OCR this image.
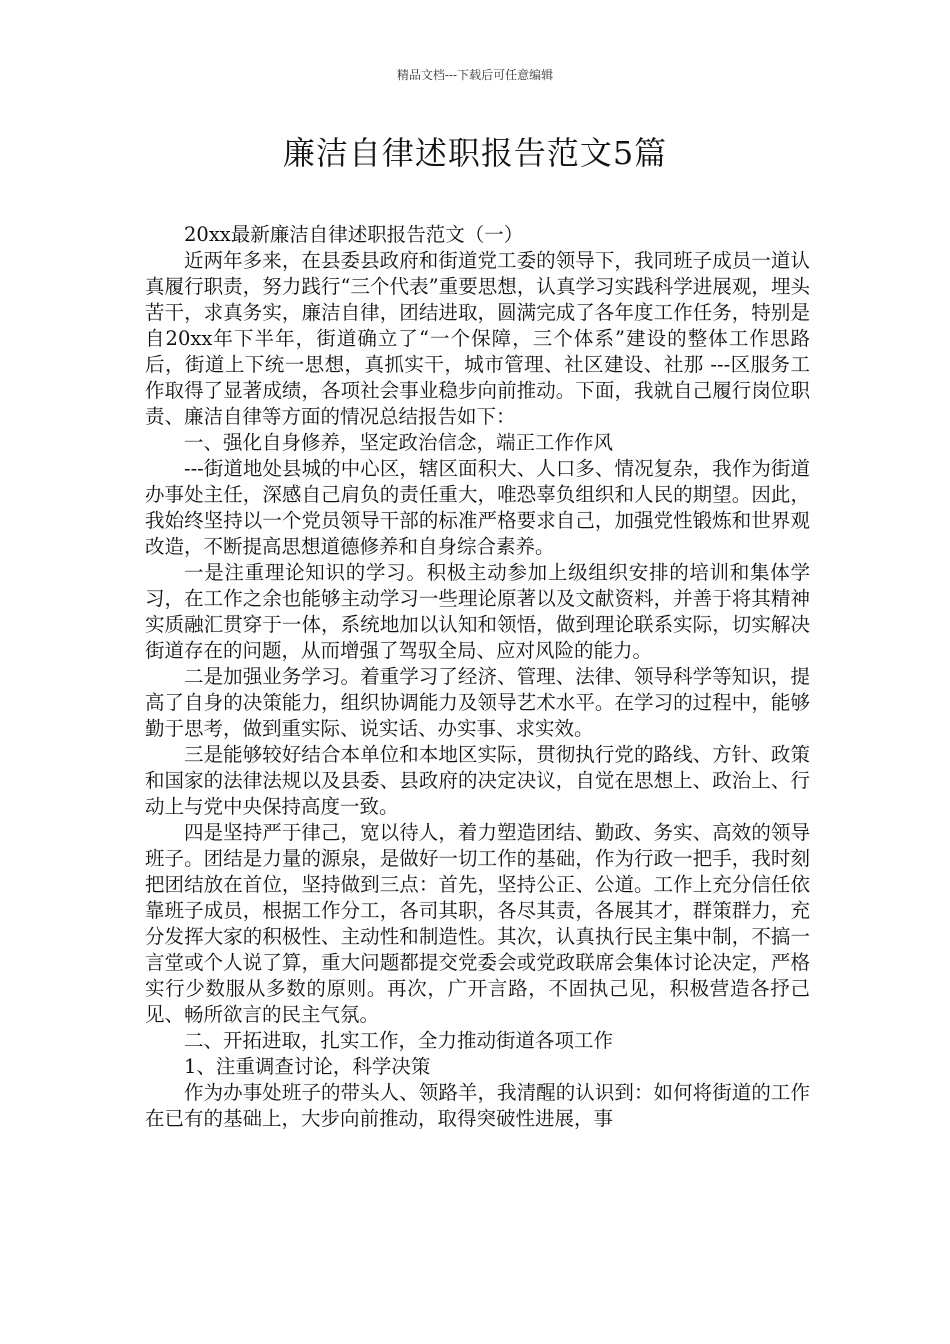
精品文档---下载后可任意编辑
廉洁自律述职报告范文5篇

20xx最新廉洁自律述职报告范文（一）

近两年多来，在县委县政府和街道党工委的领导下，我同班子成员一道认真履行职责，努力践行“三个代表”重要思想，认真学习实践科学进展观，埋头苦干，求真务实，廉洁自律，团结进取，圆满完成了各年度工作任务，特别是自20xx年下半年，街道确立了“一个保障，三个体系”建设的整体工作思路后，街道上下统一思想，真抓实干，城市管理、社区建设、社那 ---区服务工作取得了显著成绩，各项社会事业稳步向前推动。下面，我就自己履行岗位职责、廉洁自律等方面的情况总结报告如下：

一、强化自身修养，坚定政治信念，端正工作作风

---街道地处县城的中心区，辖区面积大、人口多、情况复杂，我作为街道办事处主任，深感自己肩负的责任重大，唯恐辜负组织和人民的期望。因此，我始终坚持以一个党员领导干部的标准严格要求自己，加强党性锻炼和世界观改造，不断提高思想道德修养和自身综合素养。

一是注重理论知识的学习。积极主动参加上级组织安排的培训和集体学习，在工作之余也能够主动学习一些理论原著以及文献资料，并善于将其精神实质融汇贯穿于一体，系统地加以认知和领悟，做到理论联系实际，切实解决街道存在的问题，从而增强了驾驭全局、应对风险的能力。

二是加强业务学习。着重学习了经济、管理、法律、领导科学等知识，提高了自身的决策能力，组织协调能力及领导艺术水平。在学习的过程中，能够勤于思考，做到重实际、说实话、办实事、求实效。

三是能够较好结合本单位和本地区实际，贯彻执行党的路线、方针、政策和国家的法律法规以及县委、县政府的决定决议，自觉在思想上、政治上、行动上与党中央保持高度一致。

四是坚持严于律己，宽以待人，着力塑造团结、勤政、务实、高效的领导班子。团结是力量的源泉，是做好一切工作的基础，作为行政一把手，我时刻把团结放在首位，坚持做到三点：首先，坚持公正、公道。工作上充分信任依靠班子成员，根据工作分工，各司其职，各尽其责，各展其才，群策群力，充分发挥大家的积极性、主动性和制造性。其次，认真执行民主集中制，不搞一言堂或个人说了算，重大问题都提交党委会或党政联席会集体讨论决定，严格实行少数服从多数的原则。再次，广开言路，不固执己见，积极营造各抒己见、畅所欲言的民主气氛。

二、开拓进取，扎实工作，全力推动街道各项工作

1、注重调查讨论，科学决策

作为办事处班子的带头人、领路羊，我清醒的认识到：如何将街道的工作在已有的基础上，大步向前推动，取得突破性进展，事
